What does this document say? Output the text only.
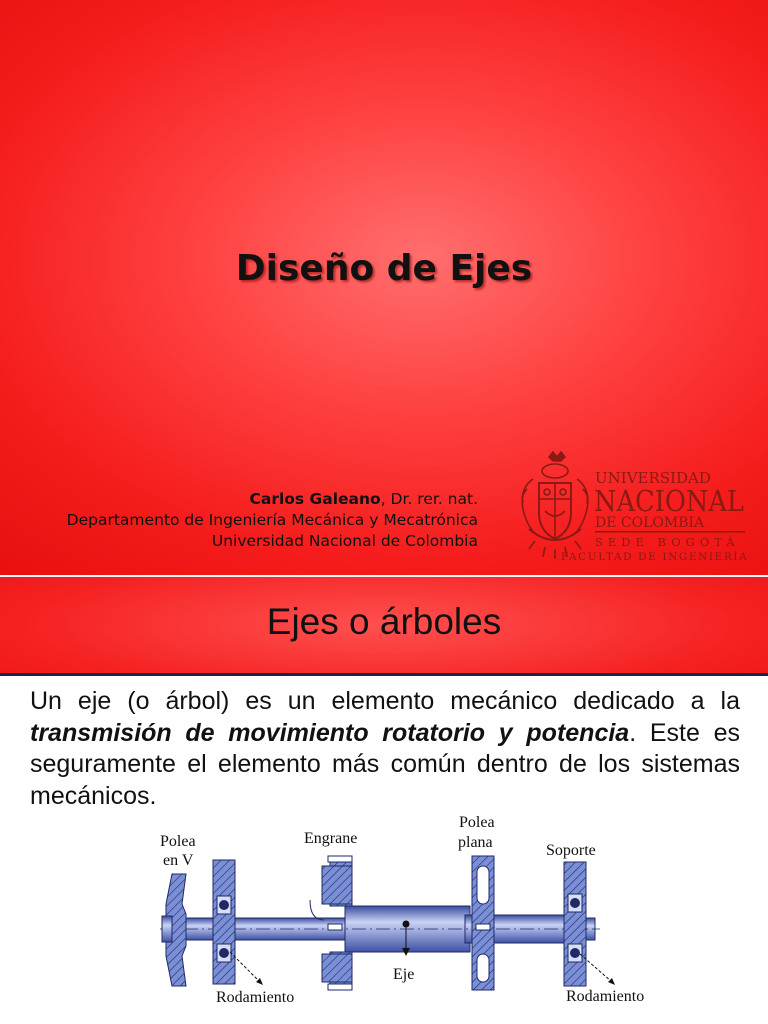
Diseño de Ejes
Carlos Galeano, Dr. rer. nat.
Departamento de Ingeniería Mecánica y Mecatrónica
Universidad Nacional de Colombia
UNIVERSIDAD
NACIONAL
DE COLOMBIA
SEDE BOGOTÁ
FACULTAD DE INGENIERÍA
Ejes o árboles
Un eje (o árbol) es un elemento mecánico dedicado a la transmisión de movimiento rotatorio y potencia. Este es seguramente el elemento más común dentro de los sistemas mecánicos.
Polea
en V
Engrane
Polea
plana	Soporte
Eje
Rodamiento	Rodamiento
